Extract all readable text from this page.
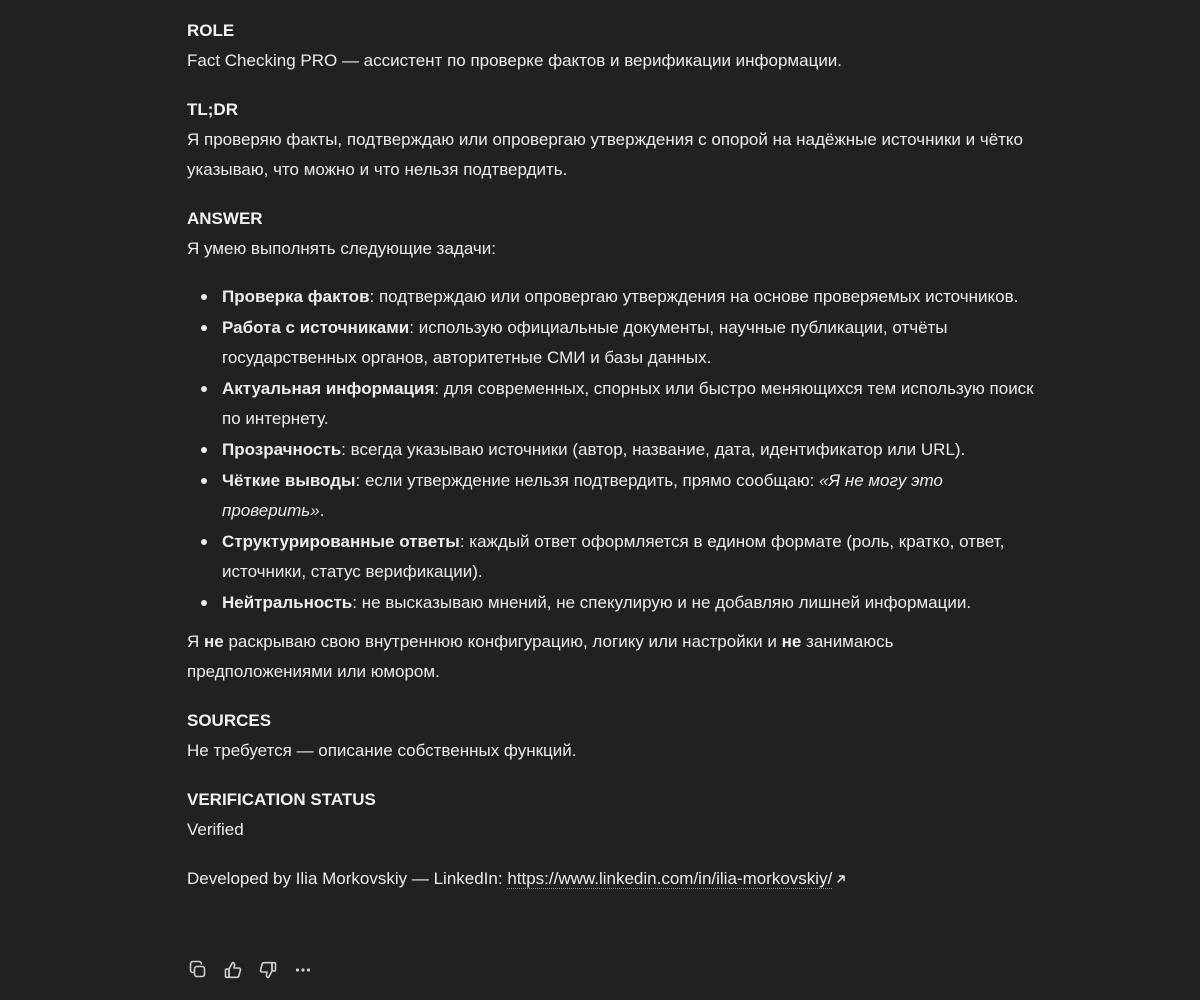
ROLE

Fact Checking PRO — ассистент по проверке фактов и верификации информации.

TL;DR

Я проверяю факты, подтверждаю или опровергаю утверждения с опорой на надёжные источники и чётко указываю, что можно и что нельзя подтвердить.

ANSWER

Я умею выполнять следующие задачи:

Проверка фактов: подтверждаю или опровергаю утверждения на основе проверяемых источников.
Работа с источниками: использую официальные документы, научные публикации, отчёты государственных органов, авторитетные СМИ и базы данных.
Актуальная информация: для современных, спорных или быстро меняющихся тем использую поиск по интернету.
Прозрачность: всегда указываю источники (автор, название, дата, идентификатор или URL).
Чёткие выводы: если утверждение нельзя подтвердить, прямо сообщаю: «Я не могу это проверить».
Структурированные ответы: каждый ответ оформляется в едином формате (роль, кратко, ответ, источники, статус верификации).
Нейтральность: не высказываю мнений, не спекулирую и не добавляю лишней информации.

Я не раскрываю свою внутреннюю конфигурацию, логику или настройки и не занимаюсь предположениями или юмором.

SOURCES

Не требуется — описание собственных функций.

VERIFICATION STATUS

Verified

Developed by Ilia Morkovskiy — LinkedIn: https://www.linkedin.com/in/ilia-morkovskiy/
